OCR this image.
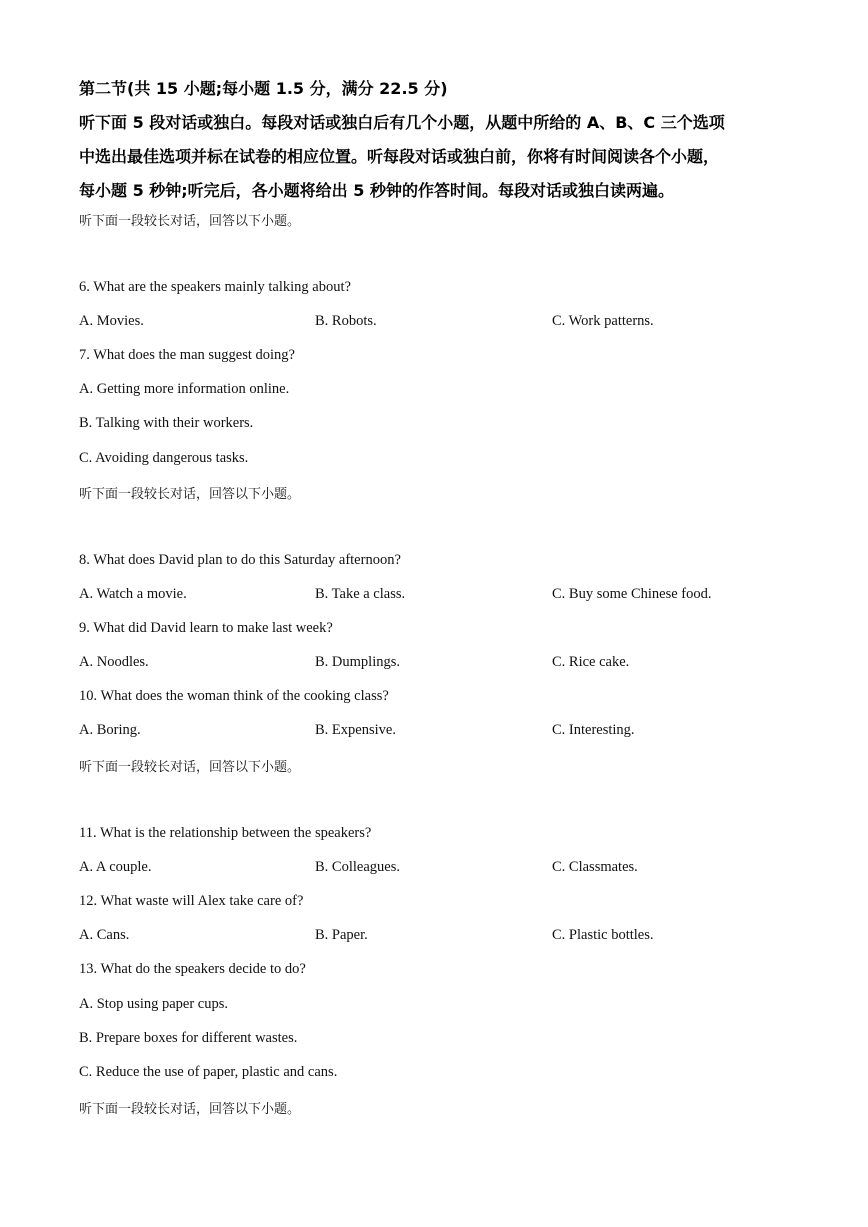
第二节(共 15 小题;每小题 1.5 分，满分 22.5 分)

听下面 5 段对话或独白。每段对话或独白后有几个小题，从题中所给的 A、B、C 三个选项

中选出最佳选项并标在试卷的相应位置。听每段对话或独白前，你将有时间阅读各个小题，

每小题 5 秒钟;听完后，各小题将给出 5 秒钟的作答时间。每段对话或独白读两遍。

听下面一段较长对话，回答以下小题。
6. What are the speakers mainly talking about?
A. Movies.	B. Robots.	C. Work patterns.
7. What does the man suggest doing?
A. Getting more information online.
B. Talking with their workers.
C. Avoiding dangerous tasks.
听下面一段较长对话，回答以下小题。
8. What does David plan to do this Saturday afternoon?
A. Watch a movie.	B. Take a class.	C. Buy some Chinese food.
9. What did David learn to make last week?
A. Noodles.	B. Dumplings.	C. Rice cake.
10. What does the woman think of the cooking class?
A. Boring.	B. Expensive.	C. Interesting.
听下面一段较长对话，回答以下小题。
11. What is the relationship between the speakers?
A. A couple.	B. Colleagues.	C. Classmates.
12. What waste will Alex take care of?
A. Cans.	B. Paper.	C. Plastic bottles.
13. What do the speakers decide to do?
A. Stop using paper cups.
B. Prepare boxes for different wastes.
C. Reduce the use of paper, plastic and cans.
听下面一段较长对话，回答以下小题。
